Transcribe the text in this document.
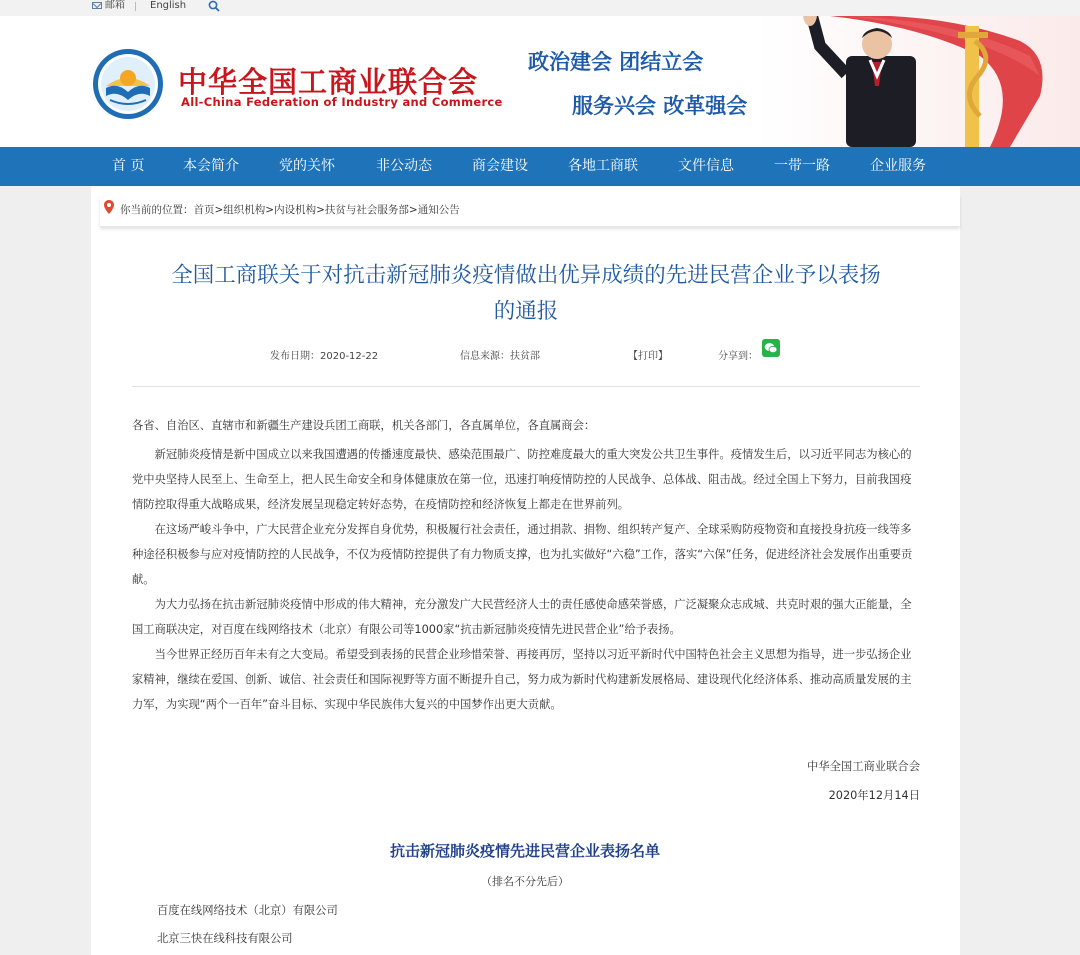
邮箱	English
中华全国工商业联合会
All-China Federation of Industry and Commerce
政治建会 团结立会
服务兴会 改革强会
首 页	本会简介	党的关怀	非公动态	商会建设	各地工商联	文件信息	一带一路	企业服务
你当前的位置：首页>组织机构>内设机构>扶贫与社会服务部>通知公告
全国工商联关于对抗击新冠肺炎疫情做出优异成绩的先进民营企业予以表扬
的通报
发布日期：2020-12-22	信息来源：扶贫部	【打印】	分享到：

各省、自治区、直辖市和新疆生产建设兵团工商联，机关各部门，各直属单位，各直属商会：

新冠肺炎疫情是新中国成立以来我国遭遇的传播速度最快、感染范围最广、防控难度最大的重大突发公共卫生事件。疫情发生后，以习近平同志为核心的党中央坚持人民至上、生命至上，把人民生命安全和身体健康放在第一位，迅速打响疫情防控的人民战争、总体战、阻击战。经过全国上下努力，目前我国疫情防控取得重大战略成果，经济发展呈现稳定转好态势，在疫情防控和经济恢复上都走在世界前列。

在这场严峻斗争中，广大民营企业充分发挥自身优势，积极履行社会责任，通过捐款、捐物、组织转产复产、全球采购防疫物资和直接投身抗疫一线等多种途径积极参与应对疫情防控的人民战争，不仅为疫情防控提供了有力物质支撑，也为扎实做好“六稳”工作，落实“六保”任务，促进经济社会发展作出重要贡献。

为大力弘扬在抗击新冠肺炎疫情中形成的伟大精神，充分激发广大民营经济人士的责任感使命感荣誉感，广泛凝聚众志成城、共克时艰的强大正能量，全国工商联决定，对百度在线网络技术（北京）有限公司等1000家“抗击新冠肺炎疫情先进民营企业”给予表扬。

当今世界正经历百年未有之大变局。希望受到表扬的民营企业珍惜荣誉、再接再厉，坚持以习近平新时代中国特色社会主义思想为指导，进一步弘扬企业家精神，继续在爱国、创新、诚信、社会责任和国际视野等方面不断提升自己，努力成为新时代构建新发展格局、建设现代化经济体系、推动高质量发展的主力军，为实现“两个一百年”奋斗目标、实现中华民族伟大复兴的中国梦作出更大贡献。

中华全国工商业联合会
2020年12月14日
抗击新冠肺炎疫情先进民营企业表扬名单
（排名不分先后）
百度在线网络技术（北京）有限公司
北京三快在线科技有限公司
